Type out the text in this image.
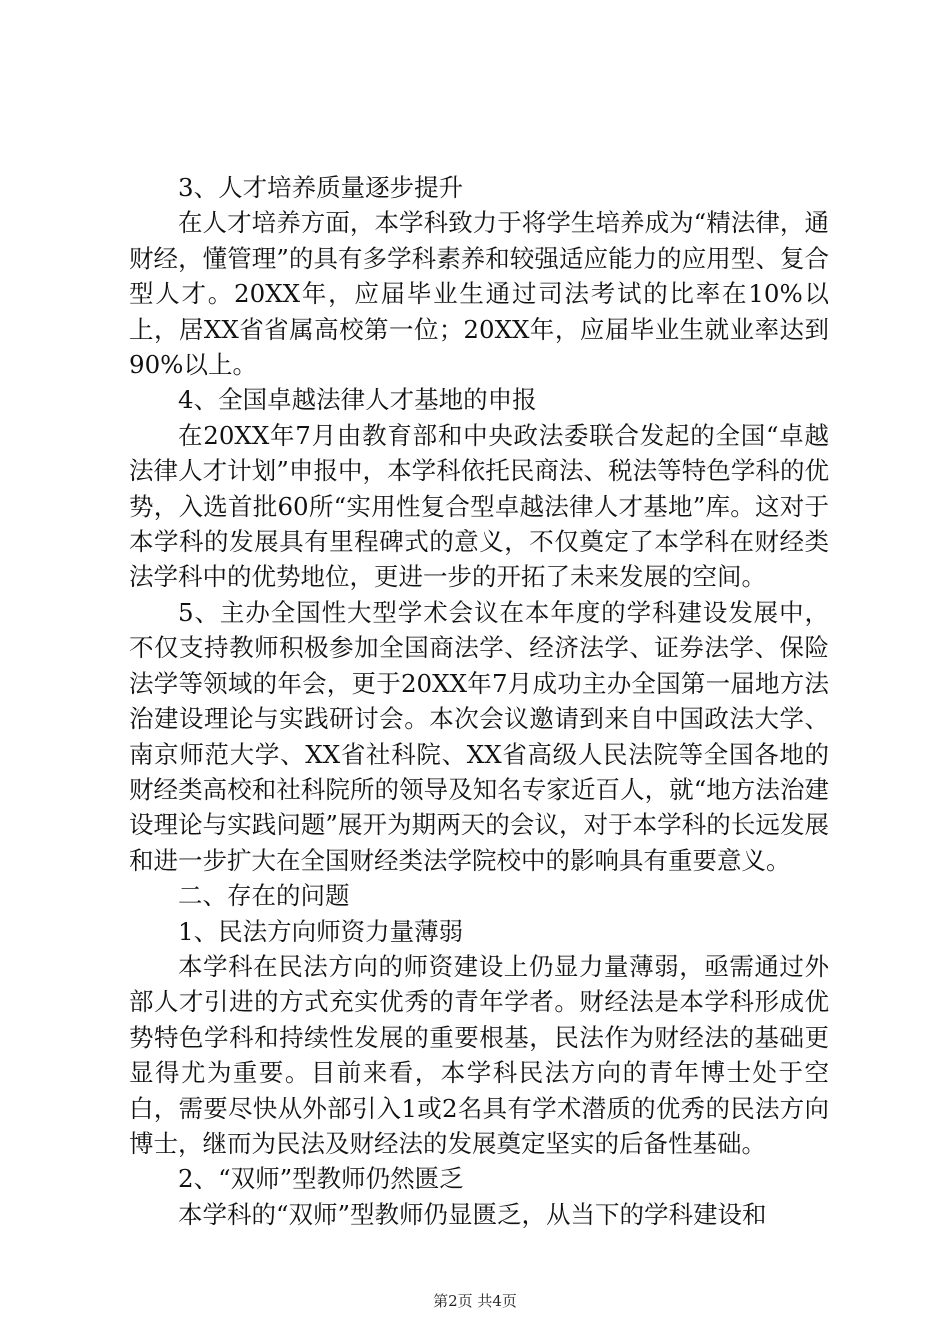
3、人才培养质量逐步提升

在人才培养方面，本学科致力于将学生培养成为“精法律，通财经，懂管理”的具有多学科素养和较强适应能力的应用型、复合型人才。20XX年，应届毕业生通过司法考试的比率在10%以上，居XX省省属高校第一位；20XX年，应届毕业生就业率达到90%以上。

4、全国卓越法律人才基地的申报

在20XX年7月由教育部和中央政法委联合发起的全国“卓越法律人才计划”申报中，本学科依托民商法、税法等特色学科的优势，入选首批60所“实用性复合型卓越法律人才基地”库。这对于本学科的发展具有里程碑式的意义，不仅奠定了本学科在财经类法学科中的优势地位，更进一步的开拓了未来发展的空间。

5、主办全国性大型学术会议在本年度的学科建设发展中，不仅支持教师积极参加全国商法学、经济法学、证券法学、保险法学等领域的年会，更于20XX年7月成功主办全国第一届地方法治建设理论与实践研讨会。本次会议邀请到来自中国政法大学、南京师范大学、XX省社科院、XX省高级人民法院等全国各地的财经类高校和社科院所的领导及知名专家近百人，就“地方法治建设理论与实践问题”展开为期两天的会议，对于本学科的长远发展和进一步扩大在全国财经类法学院校中的影响具有重要意义。

二、存在的问题

1、民法方向师资力量薄弱

本学科在民法方向的师资建设上仍显力量薄弱，亟需通过外部人才引进的方式充实优秀的青年学者。财经法是本学科形成优势特色学科和持续性发展的重要根基，民法作为财经法的基础更显得尤为重要。目前来看，本学科民法方向的青年博士处于空白，需要尽快从外部引入1或2名具有学术潜质的优秀的民法方向博士，继而为民法及财经法的发展奠定坚实的后备性基础。

2、“双师”型教师仍然匮乏

本学科的“双师”型教师仍显匮乏，从当下的学科建设和

第2页 共4页
